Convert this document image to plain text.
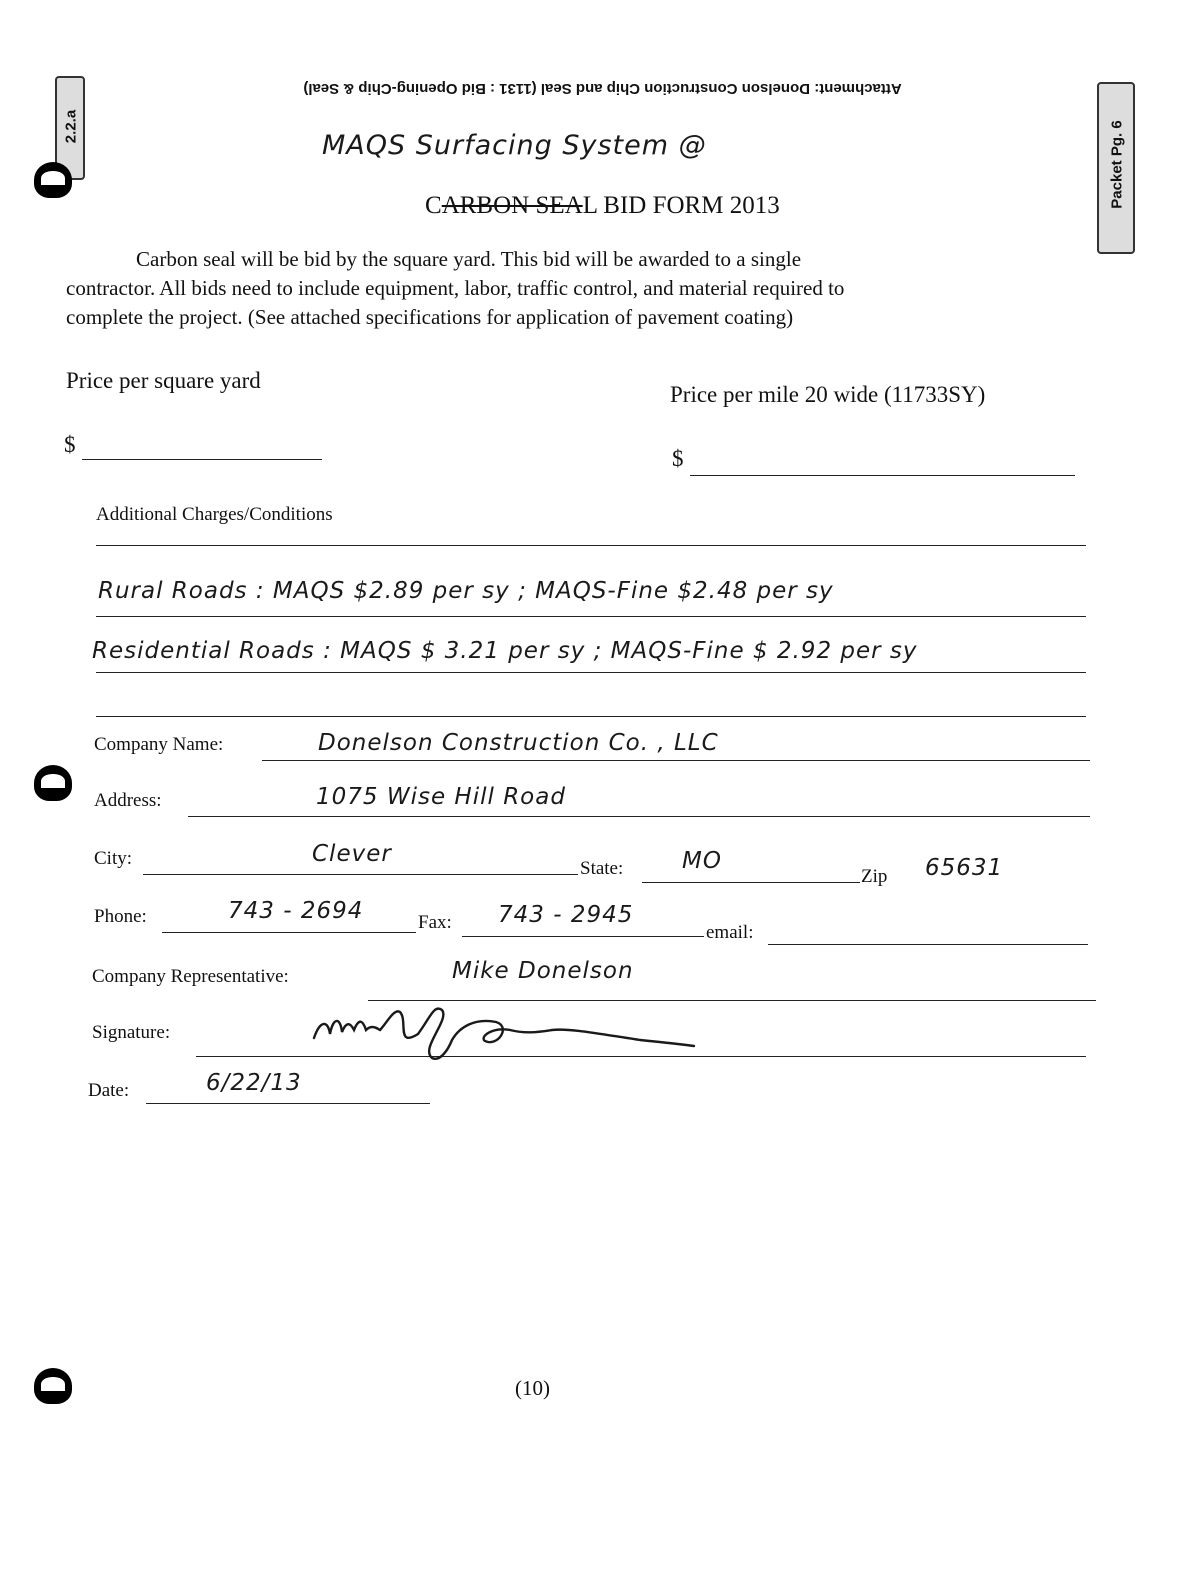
Attachment: Donelson Construction Chip and Seal (1131 : Bid Opening-Chip & Seal)
2.2.a	Packet Pg. 6
MAQS Surfacing System @
CARBON SEAL BID FORM 2013

Carbon seal will be bid by the square yard. This bid will be awarded to a single

contractor. All bids need to include equipment, labor, traffic control, and material required to

complete the project. (See attached specifications for application of pavement coating)

Price per square yard
Price per mile 20 wide (11733SY)
$
$
Additional Charges/Conditions
Rural Roads : MAQS $2.89 per sy ; MAQS-Fine $2.48 per sy
Residential Roads : MAQS $ 3.21 per sy ; MAQS-Fine $ 2.92 per sy
Company Name:	Donelson Construction Co. , LLC
Address:	1075 Wise Hill Road
City:	Clever
State:	MO
Zip 65631
Phone:	743 - 2694	Fax: 743 - 2945
email:
Company Representative:	Mike Donelson
Signature:
Date:	6/22/13
(10)
